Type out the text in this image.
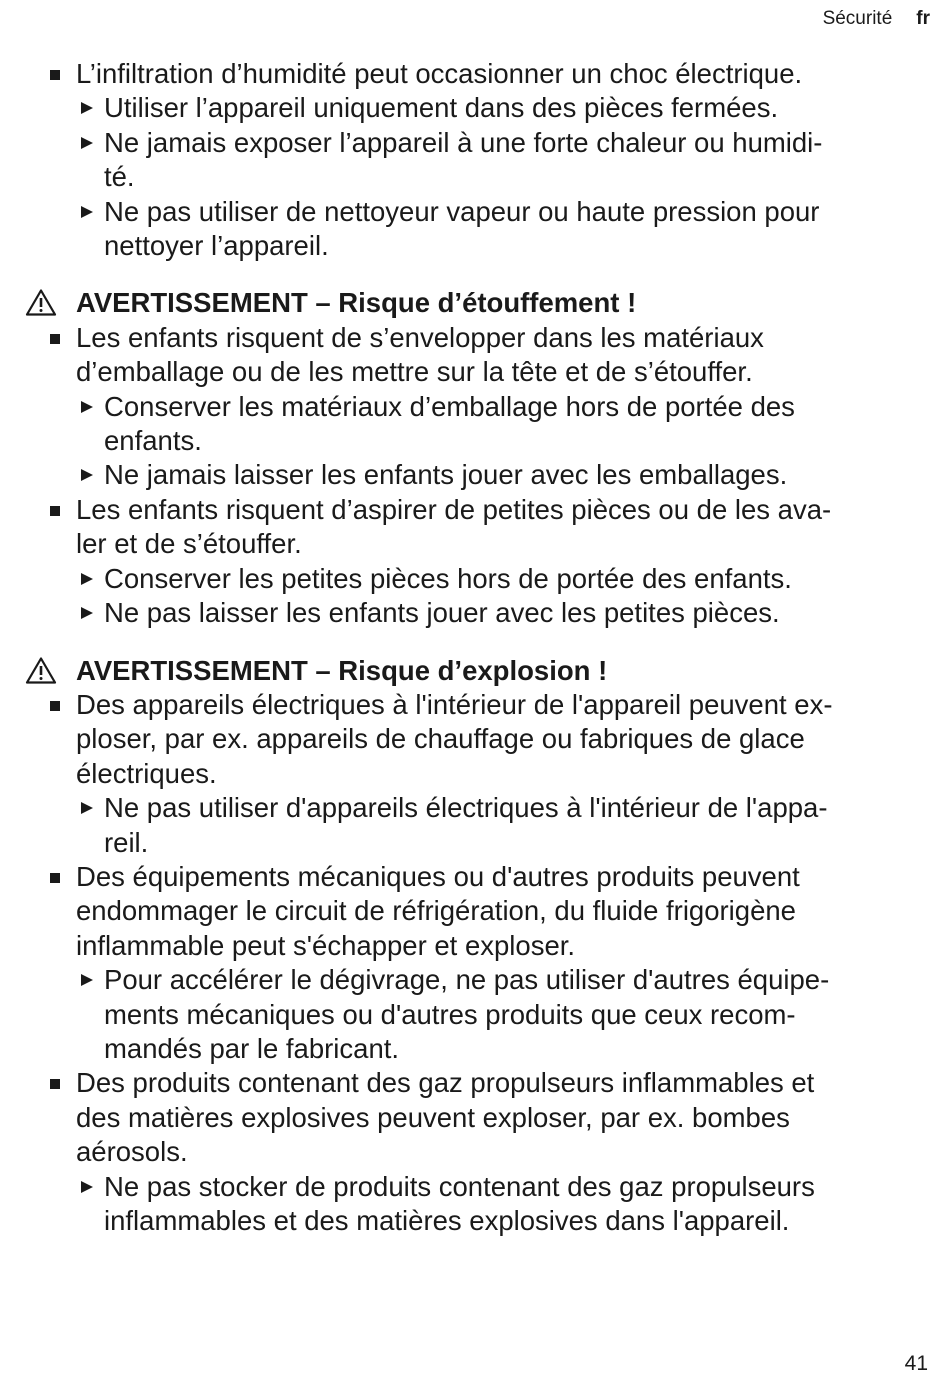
Sécurité fr
L’infiltration d’humidité peut occasionner un choc électrique.
Utiliser l’appareil uniquement dans des pièces fermées.
Ne jamais exposer l’appareil à une forte chaleur ou humidi-
té.
Ne pas utiliser de nettoyeur vapeur ou haute pression pour
nettoyer l’appareil.
AVERTISSEMENT – Risque d’étouffement !
Les enfants risquent de s’envelopper dans les matériaux
d’emballage ou de les mettre sur la tête et de s’étouffer.
Conserver les matériaux d’emballage hors de portée des
enfants.
Ne jamais laisser les enfants jouer avec les emballages.
Les enfants risquent d’aspirer de petites pièces ou de les ava-
ler et de s’étouffer.
Conserver les petites pièces hors de portée des enfants.
Ne pas laisser les enfants jouer avec les petites pièces.
AVERTISSEMENT – Risque d’explosion !
Des appareils électriques à l'intérieur de l'appareil peuvent ex-
ploser, par ex. appareils de chauffage ou fabriques de glace
électriques.
Ne pas utiliser d'appareils électriques à l'intérieur de l'appa-
reil.
Des équipements mécaniques ou d'autres produits peuvent
endommager le circuit de réfrigération, du fluide frigorigène
inflammable peut s'échapper et exploser.
Pour accélérer le dégivrage, ne pas utiliser d'autres équipe-
ments mécaniques ou d'autres produits que ceux recom-
mandés par le fabricant.
Des produits contenant des gaz propulseurs inflammables et
des matières explosives peuvent exploser, par ex. bombes
aérosols.
Ne pas stocker de produits contenant des gaz propulseurs
inflammables et des matières explosives dans l'appareil.
41
